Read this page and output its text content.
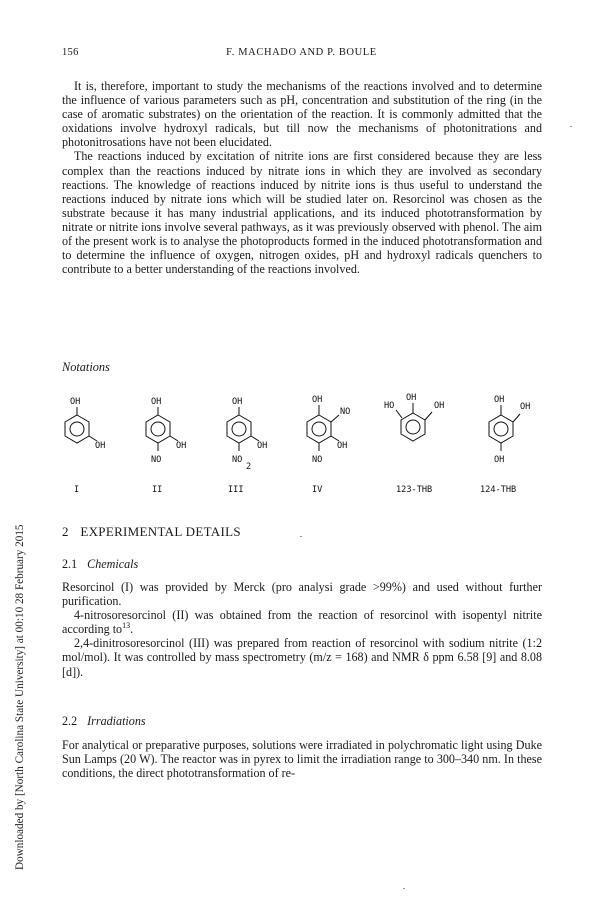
Downloaded by [North Carolina State University] at 00:10 28 February 2015
156	F. MACHADO AND P. BOULE

It is, therefore, important to study the mechanisms of the reactions involved and to determine the influence of various parameters such as pH, concentration and substitution of the ring (in the case of aromatic substrates) on the orientation of the reaction. It is commonly admitted that the oxidations involve hydroxyl radicals, but till now the mechanisms of photonitrations and photonitrosations have not been elucidated.

The reactions induced by excitation of nitrite ions are first considered because they are less complex than the reactions induced by nitrate ions in which they are involved as secondary reactions. The knowledge of reactions induced by nitrite ions is thus useful to understand the reactions induced by nitrate ions which will be studied later on. Resorcinol was chosen as the substrate because it has many industrial applications, and its induced phototransformation by nitrate or nitrite ions involve several pathways, as it was previously observed with phenol. The aim of the present work is to analyse the photoproducts formed in the induced phototransformation and to determine the influence of oxygen, nitrogen oxides, pH and hydroxyl radicals quenchers to contribute to a better understanding of the reactions involved.

Notations
OH
OH
I
OH
OH
NO
II
OH
OH
NO
2
III
OH
NO
OH
NO
IV
HO
OH
OH
123-THB
OH
OH
OH
124-THB
2 EXPERIMENTAL DETAILS
2.1 Chemicals

Resorcinol (I) was provided by Merck (pro analysi grade >99%) and used without further purification.

4-nitrosoresorcinol (II) was obtained from the reaction of resorcinol with isopentyl nitrite according $to^{13}$.

2,4-dinitrosoresorcinol (III) was prepared from reaction of resorcinol with sodium nitrite (1:2 mol/mol). It was controlled by mass spectrometry (m/z = 168) and NMR δ ppm 6.58 [9] and 8.08 [d]).

2.2 Irradiations

For analytical or preparative purposes, solutions were irradiated in polychromatic light using Duke Sun Lamps (20 W). The reactor was in pyrex to limit the irradiation range to 300–340 nm. In these conditions, the direct phototransformation of re-
